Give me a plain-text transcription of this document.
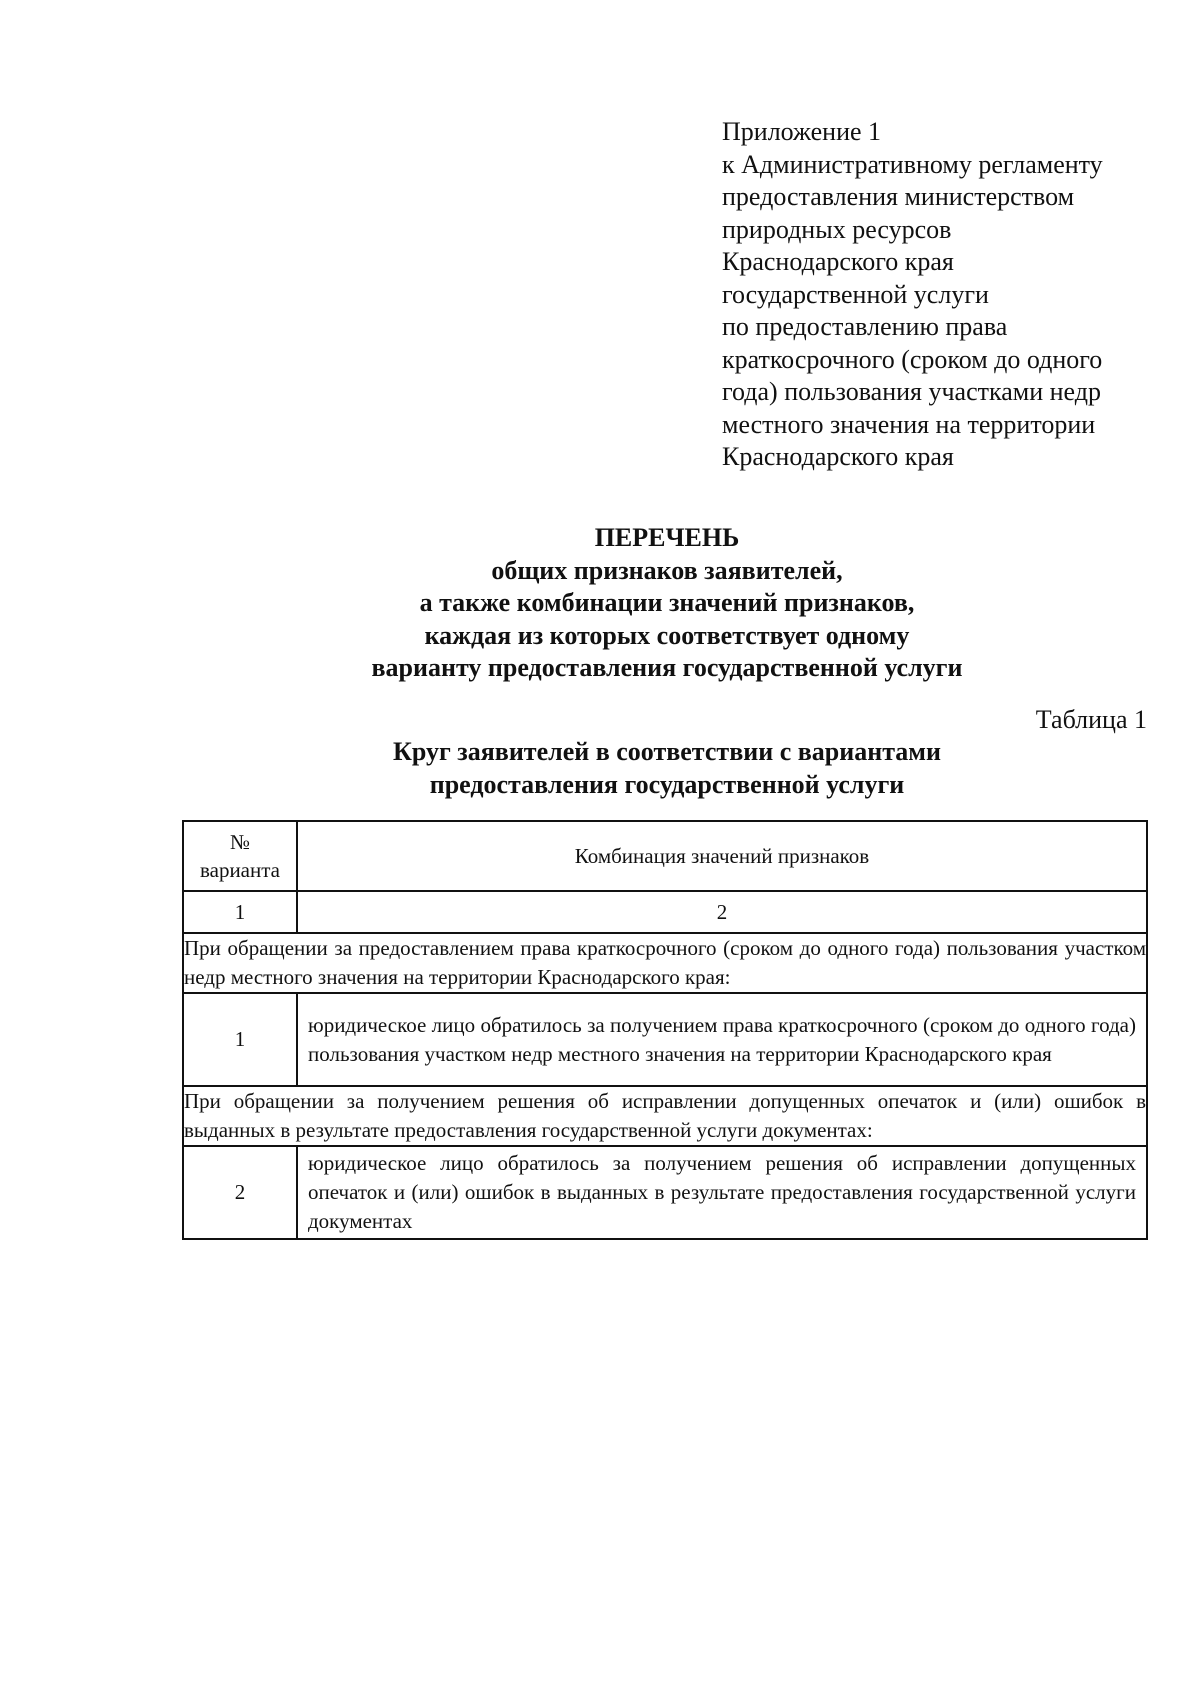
Приложение 1
к Административному регламенту
предоставления министерством
природных ресурсов
Краснодарского края
государственной услуги
по предоставлению права
краткосрочного (сроком до одного
года) пользования участками недр
местного значения на территории
Краснодарского края
ПЕРЕЧЕНЬ
общих признаков заявителей,
а также комбинации значений признаков,
каждая из которых соответствует одному
варианту предоставления государственной услуги
Таблица 1
Круг заявителей в соответствии с вариантами
предоставления государственной услуги
№
варианта	Комбинация значений признаков
1	2
При обращении за предоставлением права краткосрочного (сроком до одного года) пользования участком недр местного значения на территории Краснодарского края:	
1	юридическое лицо обратилось за получением права краткосрочного (сроком до одного года) пользования участком недр местного значения на территории Краснодарского края
При обращении за получением решения об исправлении допущенных опечаток и (или) ошибок в выданных в результате предоставления государственной услуги документах:	
2	юридическое лицо обратилось за получением решения об исправлении допущенных опечаток и (или) ошибок в выданных в результате предоставления государственной услуги документах
